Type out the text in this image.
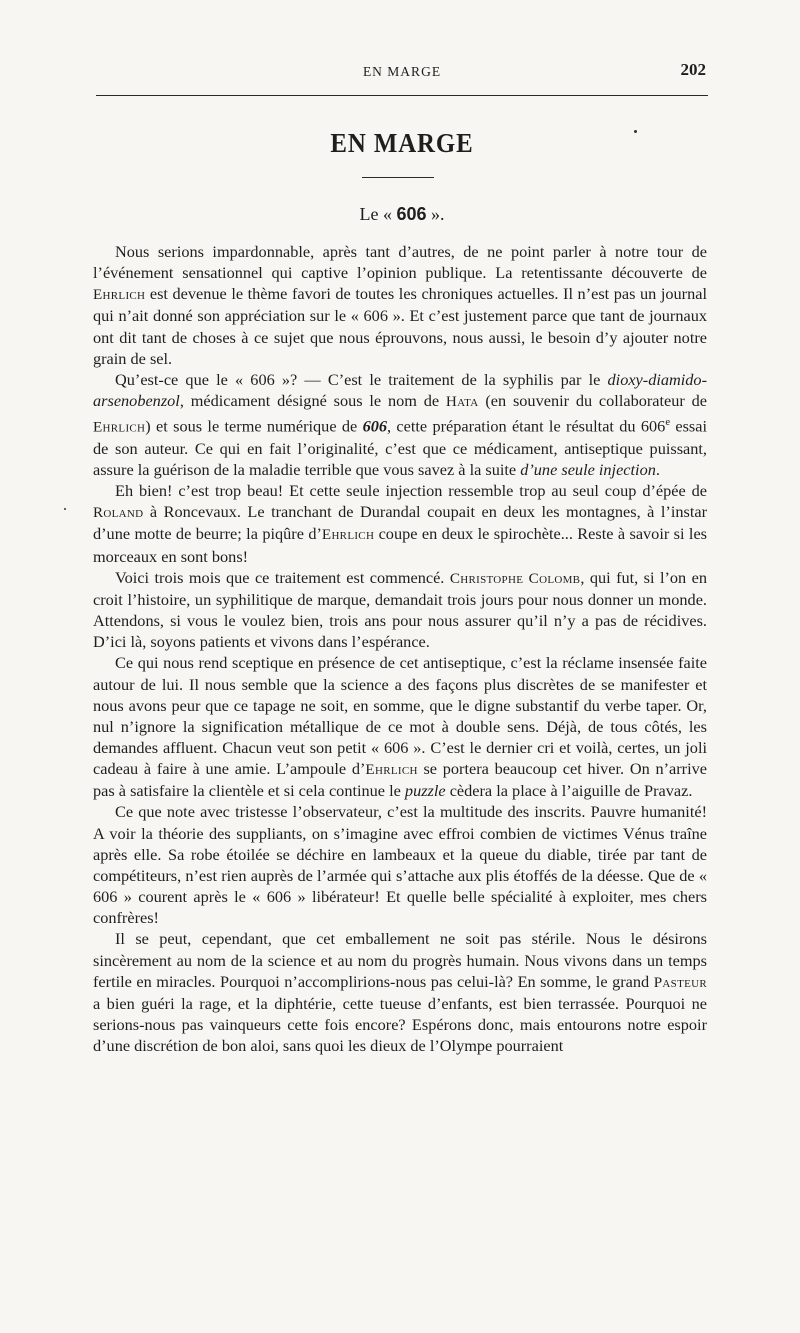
EN MARGE	202
EN MARGE
Le « 606 ».

Nous serions impardonnable, après tant d’autres, de ne point parler à notre tour de l’événement sensationnel qui captive l’opinion publique. La retentissante découverte de Ehrlich est devenue le thème favori de toutes les chroniques actuelles. Il n’est pas un journal qui n’ait donné son appréciation sur le « 606 ». Et c’est justement parce que tant de journaux ont dit tant de choses à ce sujet que nous éprouvons, nous aussi, le besoin d’y ajouter notre grain de sel.

Qu’est-ce que le « 606 »? — C’est le traitement de la syphilis par le dioxy-diamido-arsenobenzol, médicament désigné sous le nom de Hata (en souvenir du collaborateur de Ehrlich) et sous le terme numérique de 606, cette préparation étant le résultat du 606e essai de son auteur. Ce qui en fait l’originalité, c’est que ce médicament, antiseptique puissant, assure la guérison de la maladie terrible que vous savez à la suite d’une seule injection.

Eh bien! c’est trop beau! Et cette seule injection ressemble trop au seul coup d’épée de Roland à Roncevaux. Le tranchant de Durandal coupait en deux les montagnes, à l’instar d’une motte de beurre; la piqûre d’Ehrlich coupe en deux le spirochète... Reste à savoir si les morceaux en sont bons!

Voici trois mois que ce traitement est commencé. Christophe Colomb, qui fut, si l’on en croit l’histoire, un syphilitique de marque, demandait trois jours pour nous donner un monde. Attendons, si vous le voulez bien, trois ans pour nous assurer qu’il n’y a pas de récidives. D’ici là, soyons patients et vivons dans l’espérance.

Ce qui nous rend sceptique en présence de cet antiseptique, c’est la réclame insensée faite autour de lui. Il nous semble que la science a des façons plus discrètes de se manifester et nous avons peur que ce tapage ne soit, en somme, que le digne substantif du verbe taper. Or, nul n’ignore la signification métallique de ce mot à double sens. Déjà, de tous côtés, les demandes affluent. Chacun veut son petit « 606 ». C’est le dernier cri et voilà, certes, un joli cadeau à faire à une amie. L’ampoule d’Ehrlich se portera beaucoup cet hiver. On n’arrive pas à satisfaire la clientèle et si cela continue le puzzle cèdera la place à l’aiguille de Pravaz.

Ce que note avec tristesse l’observateur, c’est la multitude des inscrits. Pauvre humanité! A voir la théorie des suppliants, on s’imagine avec effroi combien de victimes Vénus traîne après elle. Sa robe étoilée se déchire en lambeaux et la queue du diable, tirée par tant de compétiteurs, n’est rien auprès de l’armée qui s’attache aux plis étoffés de la déesse. Que de « 606 » courent après le « 606 » libérateur! Et quelle belle spécialité à exploiter, mes chers confrères!

Il se peut, cependant, que cet emballement ne soit pas stérile. Nous le désirons sincèrement au nom de la science et au nom du progrès humain. Nous vivons dans un temps fertile en miracles. Pourquoi n’accomplirions-nous pas celui-là? En somme, le grand Pasteur a bien guéri la rage, et la diphtérie, cette tueuse d’enfants, est bien terrassée. Pourquoi ne serions-nous pas vainqueurs cette fois encore? Espérons donc, mais entourons notre espoir d’une discrétion de bon aloi, sans quoi les dieux de l’Olympe pourraient
